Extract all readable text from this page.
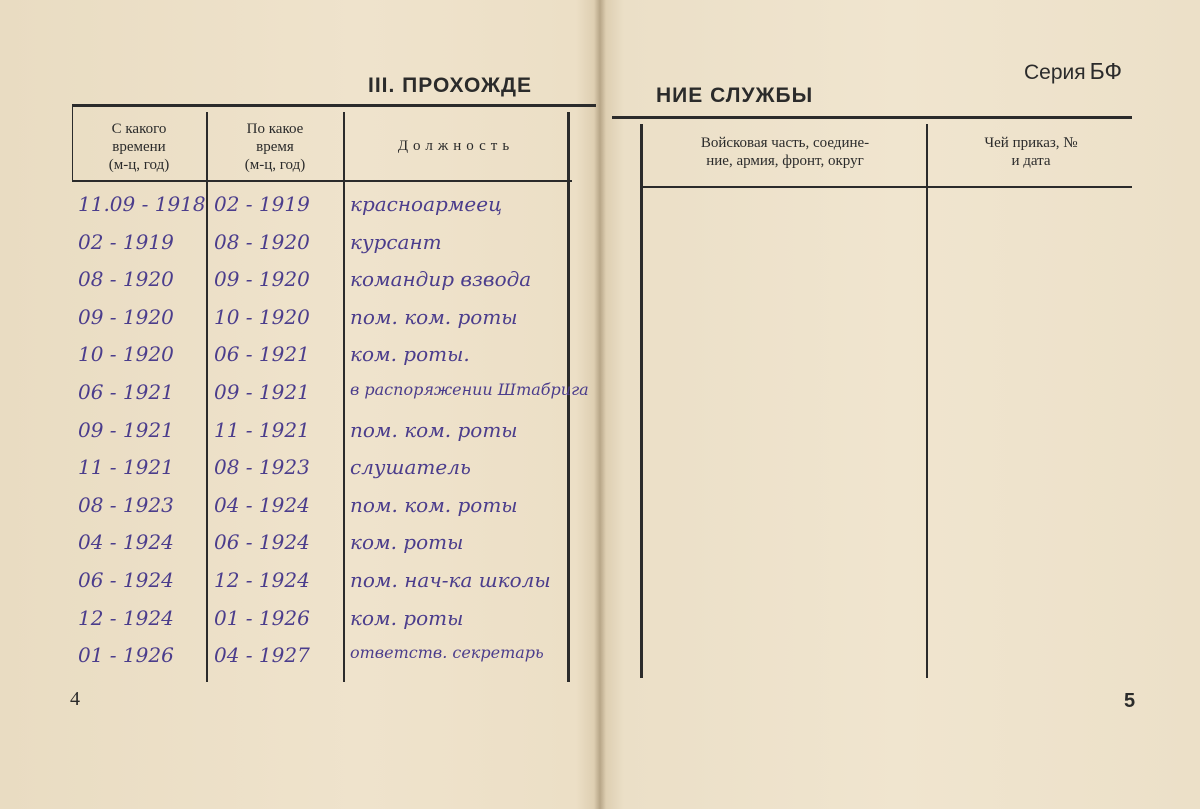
III. ПРОХОЖДЕ
С какого
времени
(м-ц, год)
По какое
время
(м-ц, год)
Должность
11.09 - 1918 02 - 1919 красноармеец
02 - 1919 08 - 1920 курсант
08 - 1920 09 - 1920 командир взвода
09 - 1920 10 - 1920 пом. ком. роты
10 - 1920 06 - 1921 ком. роты.
06 - 1921 09 - 1921	в распоряжении Штабрига
09 - 1921 11 - 1921 пом. ком. роты
11 - 1921 08 - 1923 слушатель
08 - 1923 04 - 1924 пом. ком. роты
04 - 1924 06 - 1924 ком. роты
06 - 1924 12 - 1924 пом. нач-ка школы
12 - 1924 01 - 1926 ком. роты
01 - 1926 04 - 1927	ответств. секретарь
4
Серия БФ
НИЕ СЛУЖБЫ
Войсковая часть, соедине-
ние, армия, фронт, округ
Чей приказ, №
и дата
5
